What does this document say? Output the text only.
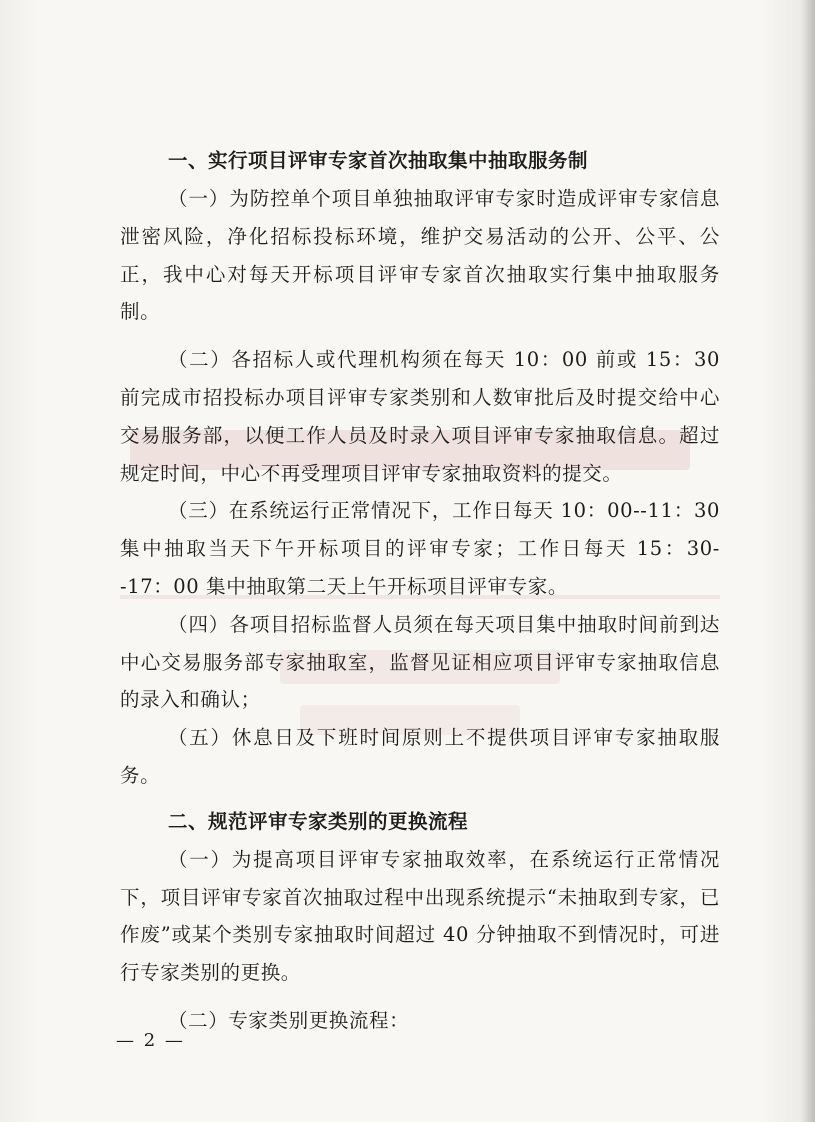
一、实行项目评审专家首次抽取集中抽取服务制

（一）为防控单个项目单独抽取评审专家时造成评审专家信息泄密风险，净化招标投标环境，维护交易活动的公开、公平、公正，我中心对每天开标项目评审专家首次抽取实行集中抽取服务制。

（二）各招标人或代理机构须在每天 10：00 前或 15：30 前完成市招投标办项目评审专家类别和人数审批后及时提交给中心交易服务部，以便工作人员及时录入项目评审专家抽取信息。超过规定时间，中心不再受理项目评审专家抽取资料的提交。

（三）在系统运行正常情况下，工作日每天 10：00--11：30 集中抽取当天下午开标项目的评审专家；工作日每天 15：30--17：00 集中抽取第二天上午开标项目评审专家。

（四）各项目招标监督人员须在每天项目集中抽取时间前到达中心交易服务部专家抽取室，监督见证相应项目评审专家抽取信息的录入和确认；

（五）休息日及下班时间原则上不提供项目评审专家抽取服务。

二、规范评审专家类别的更换流程

（一）为提高项目评审专家抽取效率，在系统运行正常情况下，项目评审专家首次抽取过程中出现系统提示“未抽取到专家，已作废”或某个类别专家抽取时间超过 40 分钟抽取不到情况时，可进行专家类别的更换。

（二）专家类别更换流程：

— 2 —
